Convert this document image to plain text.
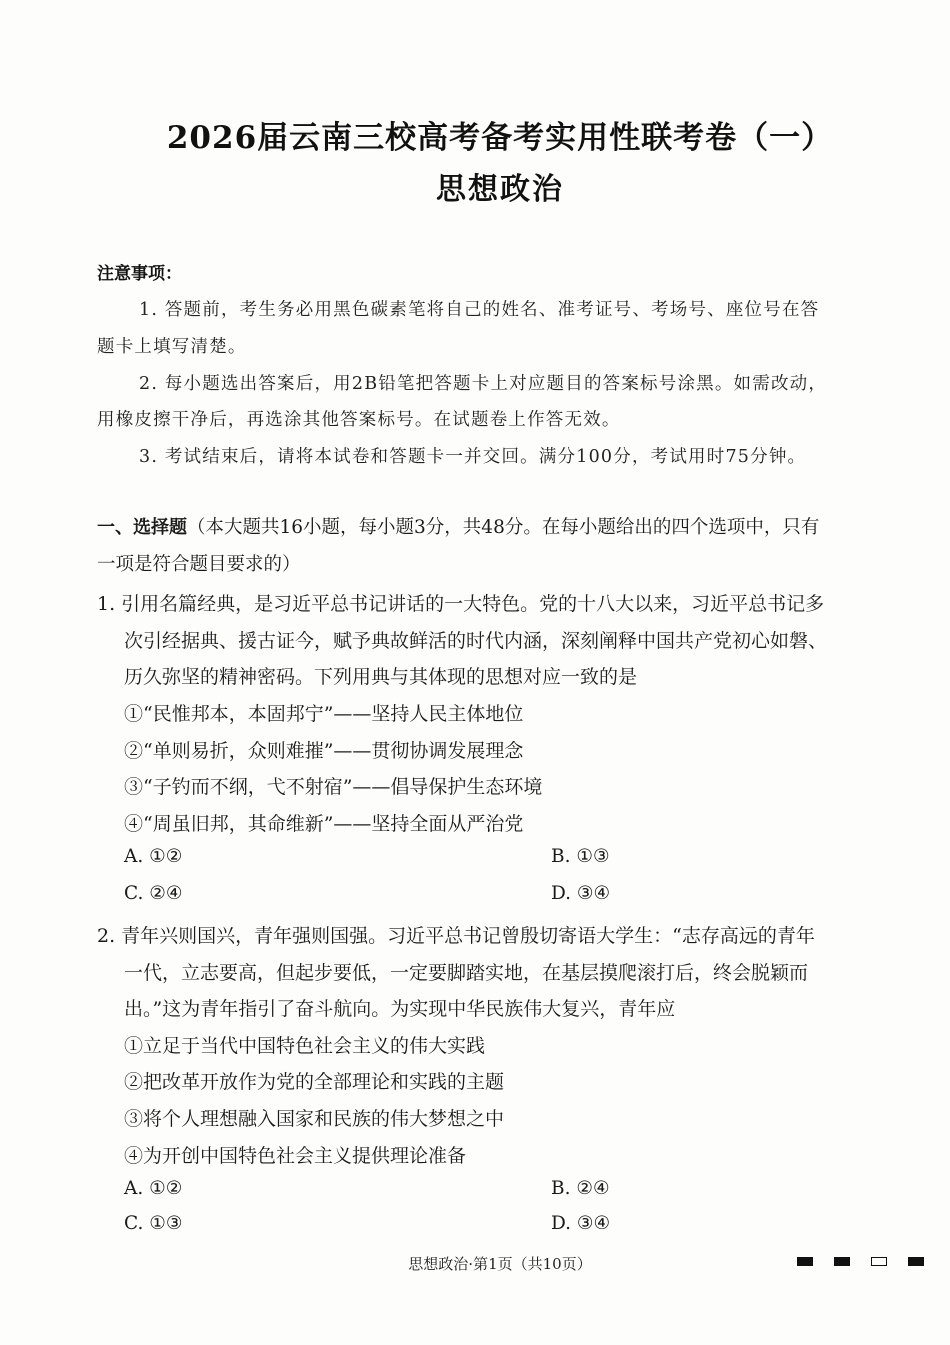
2026届云南三校高考备考实用性联考卷（一）
思想政治
注意事项：
1. 答题前，考生务必用黑色碳素笔将自己的姓名、准考证号、考场号、座位号在答
题卡上填写清楚。
2. 每小题选出答案后，用2B铅笔把答题卡上对应题目的答案标号涂黑。如需改动，
用橡皮擦干净后，再选涂其他答案标号。在试题卷上作答无效。
3. 考试结束后，请将本试卷和答题卡一并交回。满分100分，考试用时75分钟。
一、选择题（本大题共16小题，每小题3分，共48分。在每小题给出的四个选项中，只有
一项是符合题目要求的）
1. 引用名篇经典，是习近平总书记讲话的一大特色。党的十八大以来，习近平总书记多
次引经据典、援古证今，赋予典故鲜活的时代内涵，深刻阐释中国共产党初心如磐、
历久弥坚的精神密码。下列用典与其体现的思想对应一致的是
①“民惟邦本，本固邦宁”——坚持人民主体地位
②“单则易折，众则难摧”——贯彻协调发展理念
③“子钓而不纲，弋不射宿”——倡导保护生态环境
④“周虽旧邦，其命维新”——坚持全面从严治党
A. ①②	B. ①③
C. ②④	D. ③④
2. 青年兴则国兴，青年强则国强。习近平总书记曾殷切寄语大学生：“志存高远的青年
一代，立志要高，但起步要低，一定要脚踏实地，在基层摸爬滚打后，终会脱颖而
出。”这为青年指引了奋斗航向。为实现中华民族伟大复兴，青年应
①立足于当代中国特色社会主义的伟大实践
②把改革开放作为党的全部理论和实践的主题
③将个人理想融入国家和民族的伟大梦想之中
④为开创中国特色社会主义提供理论准备
A. ①②	B. ②④
C. ①③	D. ③④
思想政治·第1页（共10页）
